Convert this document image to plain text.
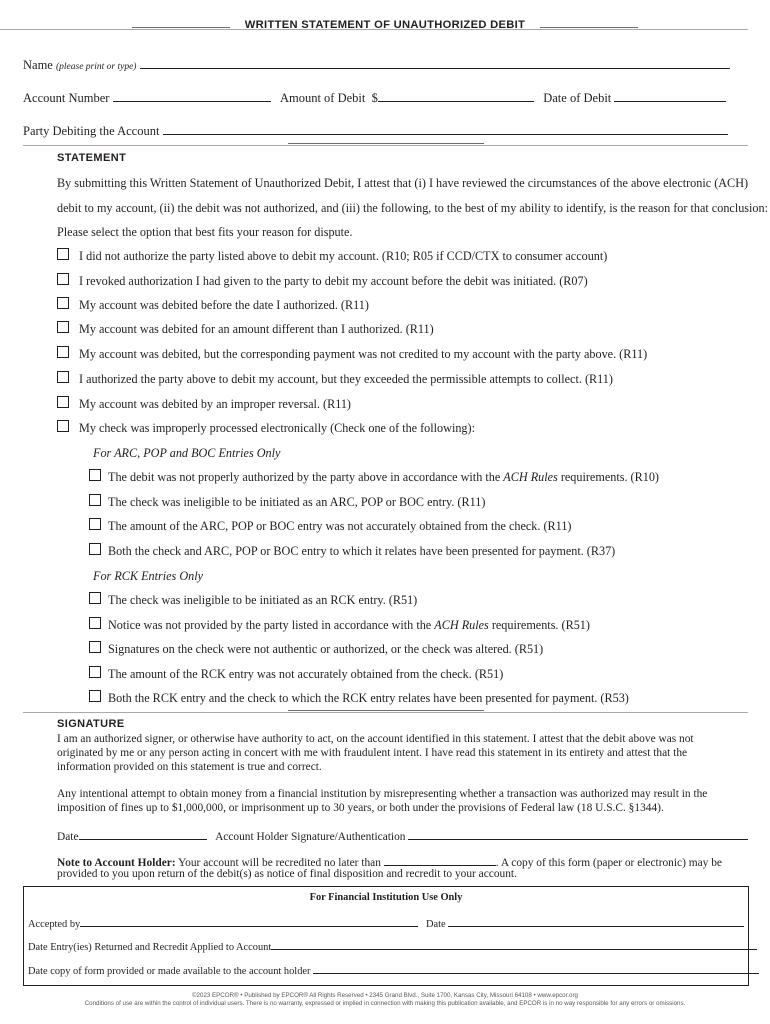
WRITTEN STATEMENT OF UNAUTHORIZED DEBIT
Name (please print or type)
Account Number	Amount of Debit $	Date of Debit
Party Debiting the Account
STATEMENT
By submitting this Written Statement of Unauthorized Debit, I attest that (i) I have reviewed the circumstances of the above electronic (ACH)
debit to my account, (ii) the debit was not authorized, and (iii) the following, to the best of my ability to identify, is the reason for that conclusion:
Please select the option that best fits your reason for dispute.
I did not authorize the party listed above to debit my account. (R10; R05 if CCD/CTX to consumer account)
I revoked authorization I had given to the party to debit my account before the debit was initiated. (R07)
My account was debited before the date I authorized. (R11)
My account was debited for an amount different than I authorized. (R11)
My account was debited, but the corresponding payment was not credited to my account with the party above. (R11)
I authorized the party above to debit my account, but they exceeded the permissible attempts to collect. (R11)
My account was debited by an improper reversal. (R11)
My check was improperly processed electronically (Check one of the following):
For ARC, POP and BOC Entries Only
The debit was not properly authorized by the party above in accordance with the ACH Rules requirements. (R10)
The check was ineligible to be initiated as an ARC, POP or BOC entry. (R11)
The amount of the ARC, POP or BOC entry was not accurately obtained from the check. (R11)
Both the check and ARC, POP or BOC entry to which it relates have been presented for payment. (R37)
For RCK Entries Only
The check was ineligible to be initiated as an RCK entry. (R51)
Notice was not provided by the party listed in accordance with the ACH Rules requirements. (R51)
Signatures on the check were not authentic or authorized, or the check was altered. (R51)
The amount of the RCK entry was not accurately obtained from the check. (R51)
Both the RCK entry and the check to which the RCK entry relates have been presented for payment. (R53)
SIGNATURE
I am an authorized signer, or otherwise have authority to act, on the account identified in this statement. I attest that the debit above was not
originated by me or any person acting in concert with me with fraudulent intent. I have read this statement in its entirety and attest that the
information provided on this statement is true and correct.
Any intentional attempt to obtain money from a financial institution by misrepresenting whether a transaction was authorized may result in the
imposition of fines up to $1,000,000, or imprisonment up to 30 years, or both under the provisions of Federal law (18 U.S.C. §1344).
Date	Account Holder Signature/Authentication
Note to Account Holder: Your account will be recredited no later than	. A copy of this form (paper or electronic) may be
provided to you upon return of the debit(s) as notice of final disposition and recredit to your account.
For Financial Institution Use Only
Accepted by	Date
Date Entry(ies) Returned and Recredit Applied to Account
Date copy of form provided or made available to the account holder
©2023 EPCOR® • Published by EPCOR® All Rights Reserved • 2345 Grand Blvd., Suite 1700, Kansas City, Missouri 64108 • www.epcor.org
Conditions of use are within the control of individual users. There is no warranty, expressed or implied in connection with making this publication available, and EPCOR is in no way responsible for any errors or omissions.
